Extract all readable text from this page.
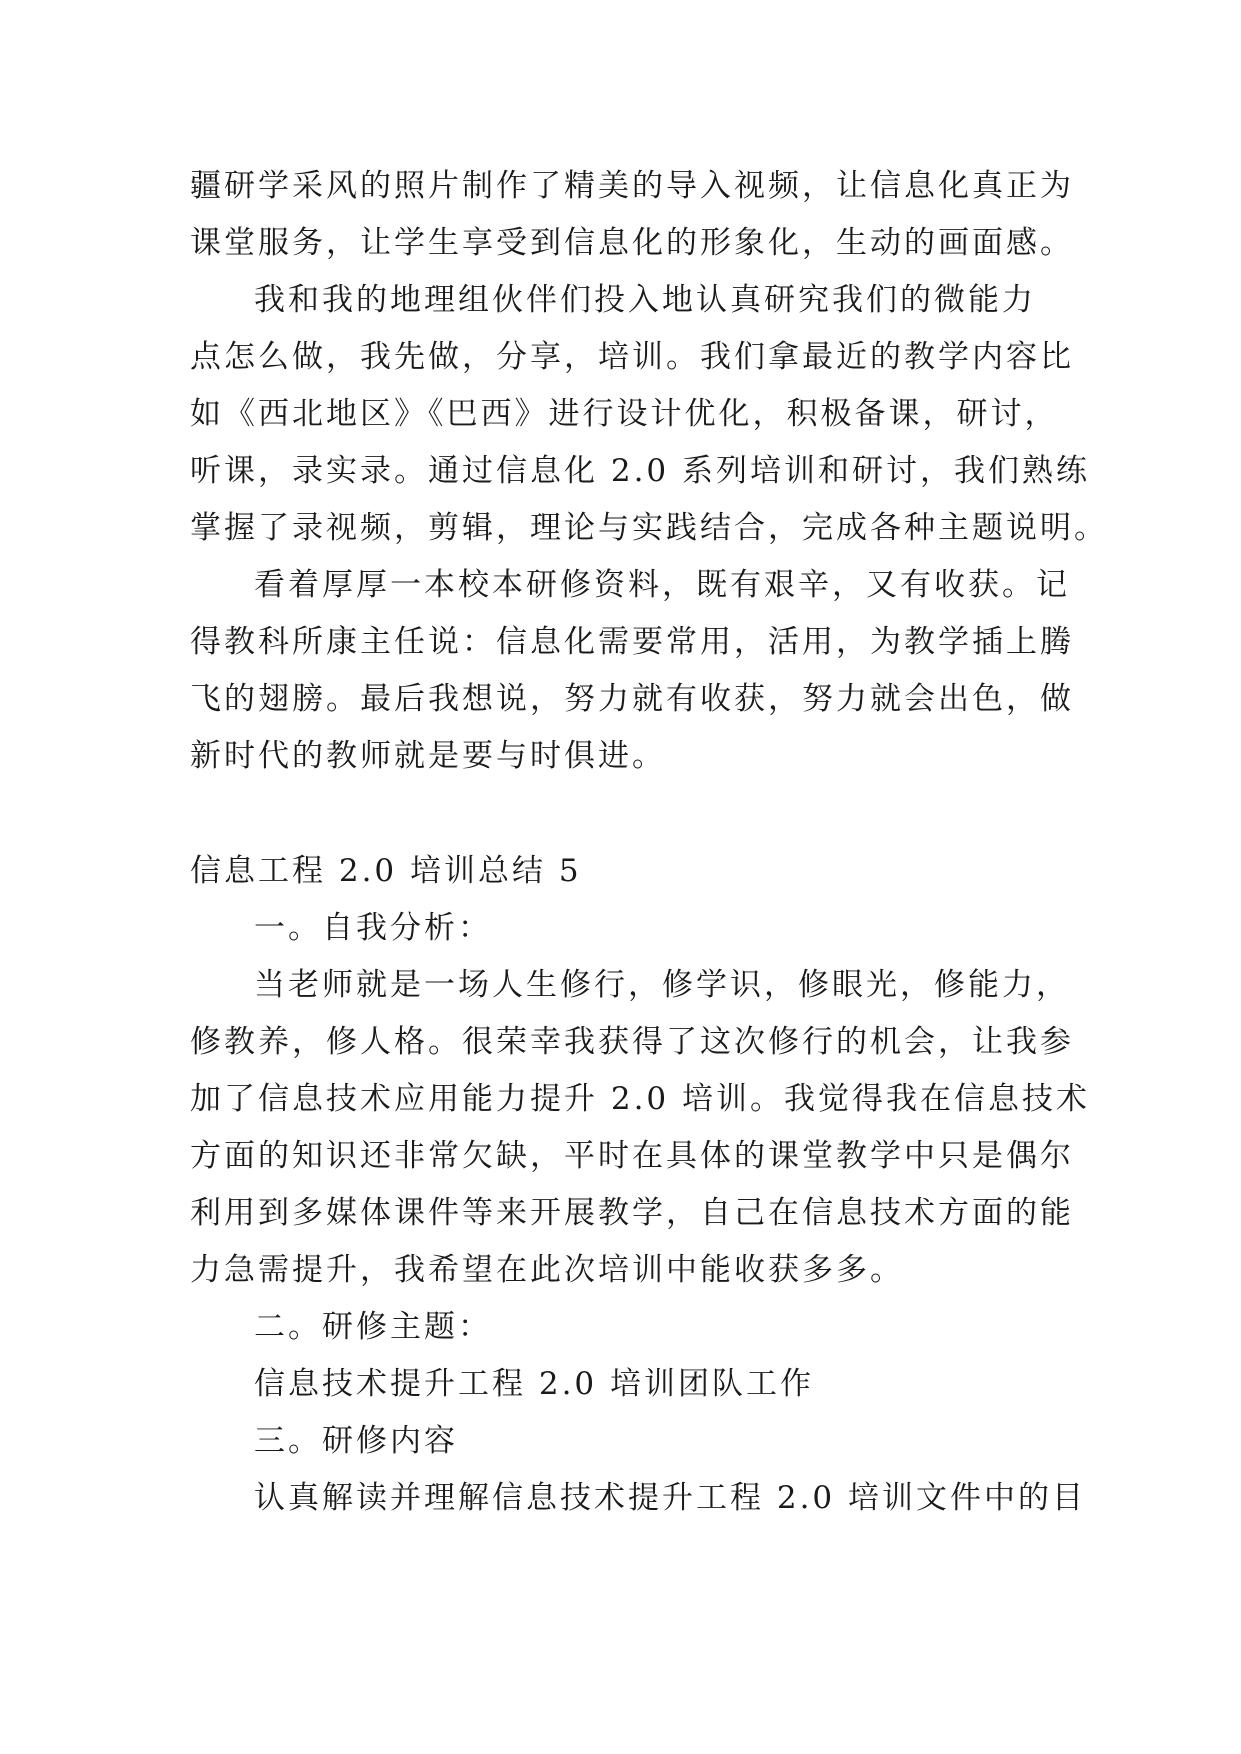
疆研学采风的照片制作了精美的导入视频，让信息化真正为
课堂服务，让学生享受到信息化的形象化，生动的画面感。
我和我的地理组伙伴们投入地认真研究我们的微能力
点怎么做，我先做，分享，培训。我们拿最近的教学内容比
如《西北地区》《巴西》进行设计优化，积极备课，研讨，
听课，录实录。通过信息化 2.0 系列培训和研讨，我们熟练
掌握了录视频，剪辑，理论与实践结合，完成各种主题说明。
看着厚厚一本校本研修资料，既有艰辛，又有收获。记
得教科所康主任说：信息化需要常用，活用，为教学插上腾
飞的翅膀。最后我想说，努力就有收获，努力就会出色，做
新时代的教师就是要与时俱进。
信息工程 2.0 培训总结 5
一。自我分析：
当老师就是一场人生修行，修学识，修眼光，修能力，
修教养，修人格。很荣幸我获得了这次修行的机会，让我参
加了信息技术应用能力提升 2.0 培训。我觉得我在信息技术
方面的知识还非常欠缺，平时在具体的课堂教学中只是偶尔
利用到多媒体课件等来开展教学，自己在信息技术方面的能
力急需提升，我希望在此次培训中能收获多多。
二。研修主题：
信息技术提升工程 2.0 培训团队工作
三。研修内容
认真解读并理解信息技术提升工程 2.0 培训文件中的目
